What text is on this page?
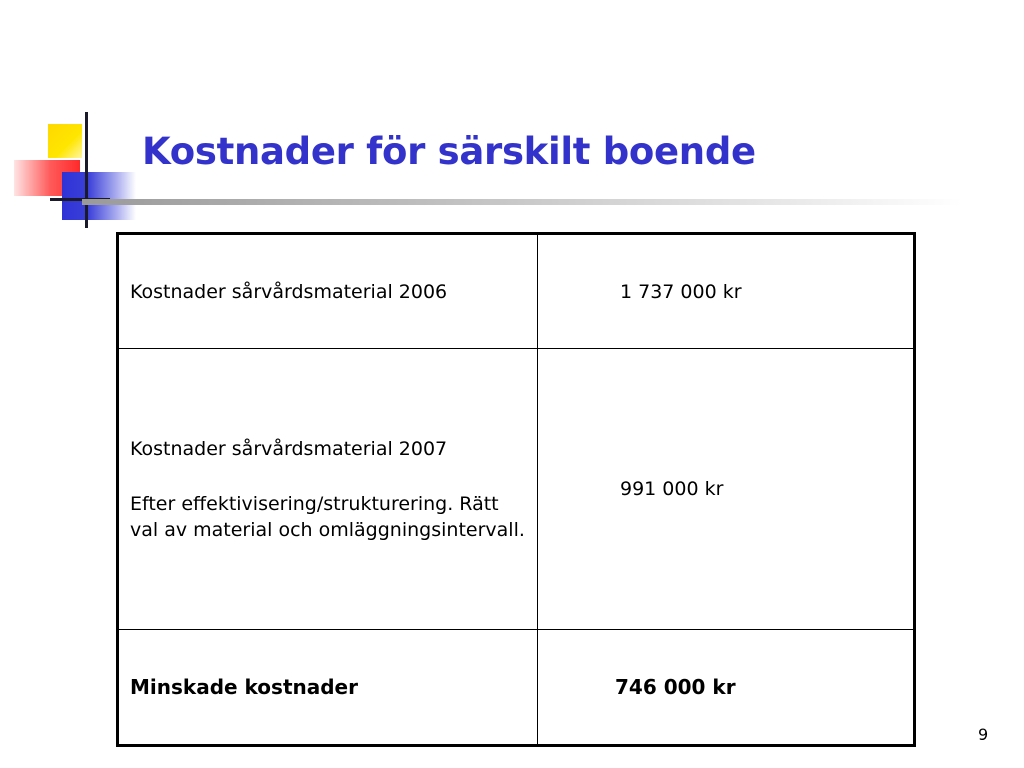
Kostnader för särskilt boende

Kostnader sårvårdsmaterial 2006	1 737 000 kr

Kostnader sårvårdsmaterial 2007

Efter effektivisering/strukturering. Rätt val av material och omläggningsintervall.	991 000 kr

Minskade kostnader	746 000 kr
9
